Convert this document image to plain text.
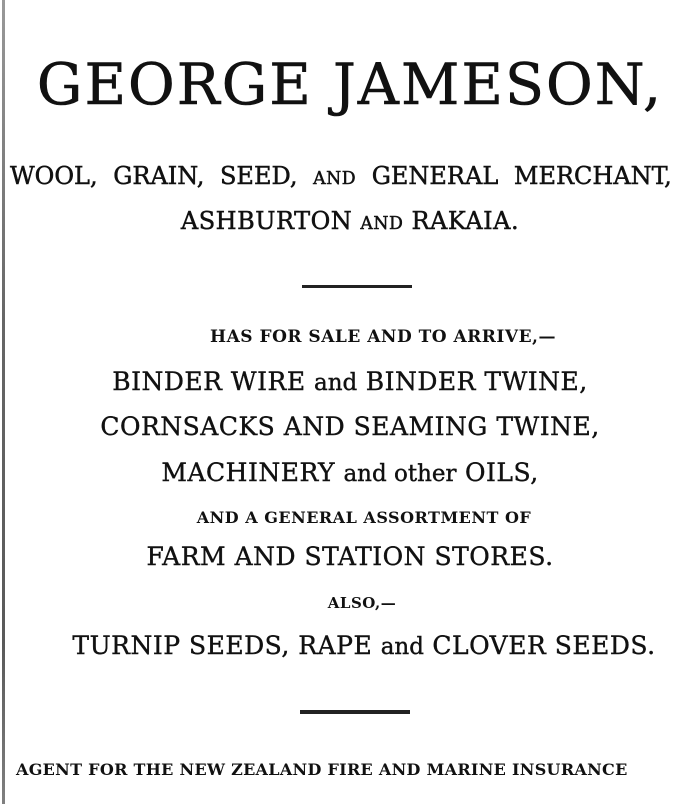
GEORGE JAMESON,
WOOL, GRAIN, SEED, AND GENERAL MERCHANT,
ASHBURTON AND RAKAIA.
HAS FOR SALE AND TO ARRIVE,—
BINDER WIRE and BINDER TWINE,
CORNSACKS AND SEAMING TWINE,
MACHINERY and other OILS,
AND A GENERAL ASSORTMENT OF
FARM AND STATION STORES.
ALSO,—
TURNIP SEEDS, RAPE and CLOVER SEEDS.
AGENT FOR THE NEW ZEALAND FIRE AND MARINE INSURANCE
